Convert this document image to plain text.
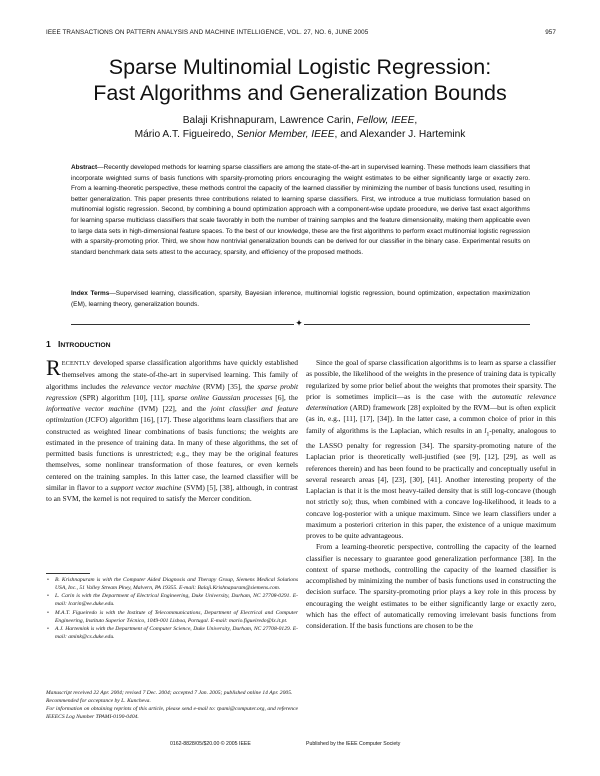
IEEE TRANSACTIONS ON PATTERN ANALYSIS AND MACHINE INTELLIGENCE, VOL. 27, NO. 6, JUNE 2005	957
Sparse Multinomial Logistic Regression:
Fast Algorithms and Generalization Bounds
Balaji Krishnapuram, Lawrence Carin, Fellow, IEEE,
Mário A.T. Figueiredo, Senior Member, IEEE, and Alexander J. Hartemink
Abstract—Recently developed methods for learning sparse classifiers are among the state-of-the-art in supervised learning. These methods learn classifiers that incorporate weighted sums of basis functions with sparsity-promoting priors encouraging the weight estimates to be either significantly large or exactly zero. From a learning-theoretic perspective, these methods control the capacity of the learned classifier by minimizing the number of basis functions used, resulting in better generalization. This paper presents three contributions related to learning sparse classifiers. First, we introduce a true multiclass formulation based on multinomial logistic regression. Second, by combining a bound optimization approach with a component-wise update procedure, we derive fast exact algorithms for learning sparse multiclass classifiers that scale favorably in both the number of training samples and the feature dimensionality, making them applicable even to large data sets in high-dimensional feature spaces. To the best of our knowledge, these are the first algorithms to perform exact multinomial logistic regression with a sparsity-promoting prior. Third, we show how nontrivial generalization bounds can be derived for our classifier in the binary case. Experimental results on standard benchmark data sets attest to the accuracy, sparsity, and efficiency of the proposed methods.
Index Terms—Supervised learning, classification, sparsity, Bayesian inference, multinomial logistic regression, bound optimization, expectation maximization (EM), learning theory, generalization bounds.
✦
1 INTRODUCTION

RECENTLY developed sparse classification algorithms have quickly established themselves among the state-of-the-art in supervised learning. This family of algorithms includes the relevance vector machine (RVM) [35], the sparse probit regression (SPR) algorithm [10], [11], sparse online Gaussian processes [6], the informative vector machine (IVM) [22], and the joint classifier and feature optimization (JCFO) algorithm [16], [17]. These algorithms learn classifiers that are constructed as weighted linear combinations of basis functions; the weights are estimated in the presence of training data. In many of these algorithms, the set of permitted basis functions is unrestricted; e.g., they may be the original features themselves, some nonlinear transformation of those features, or even kernels centered on the training samples. In this latter case, the learned classifier will be similar in flavor to a support vector machine (SVM) [5], [38], although, in contrast to an SVM, the kernel is not required to satisfy the Mercer condition.

• B. Krishnapuram is with the Computer Aided Diagnosis and Therapy Group, Siemens Medical Solutions USA, Inc., 51 Valley Stream Pkwy, Malvern, PA 19355. E-mail: Balaji.Krishnapuram@siemens.com.
• L. Carin is with the Department of Electrical Engineering, Duke University, Durham, NC 27708-0291. E-mail: lcarin@ee.duke.edu.
• M.A.T. Figueiredo is with the Institute of Telecommunications, Department of Electrical and Computer Engineering, Instituto Superior Técnico, 1049-001 Lisboa, Portugal. E-mail: mario.figueiredo@lx.it.pt.
• A.J. Hartemink is with the Department of Computer Science, Duke University, Durham, NC 27708-0129. E-mail: amink@cs.duke.edu.
Manuscript received 22 Apr. 2004; revised 7 Dec. 2004; accepted 7 Jan. 2005; published online 14 Apr. 2005.
Recommended for acceptance by L. Kuncheva.
For information on obtaining reprints of this article, please send e-mail to: tpami@computer.org, and reference IEEECS Log Number TPAMI-0190-0404.

Since the goal of sparse classification algorithms is to learn as sparse a classifier as possible, the likelihood of the weights in the presence of training data is typically regularized by some prior belief about the weights that promotes their sparsity. The prior is sometimes implicit—as is the case with the automatic relevance determination (ARD) framework [28] exploited by the RVM—but is often explicit (as in, e.g., [11], [17], [34]). In the latter case, a common choice of prior in this family of algorithms is the Laplacian, which results in an $l_1$-penalty, analogous to the LASSO penalty for regression [34]. The sparsity-promoting nature of the Laplacian prior is theoretically well-justified (see [9], [12], [29], as well as references therein) and has been found to be practically and conceptually useful in several research areas [4], [23], [30], [41]. Another interesting property of the Laplacian is that it is the most heavy-tailed density that is still log-concave (though not strictly so); thus, when combined with a concave log-likelihood, it leads to a concave log-posterior with a unique maximum. Since we learn classifiers under a maximum a posteriori criterion in this paper, the existence of a unique maximum proves to be quite advantageous.

From a learning-theoretic perspective, controlling the capacity of the learned classifier is necessary to guarantee good generalization performance [38]. In the context of sparse methods, controlling the capacity of the learned classifier is accomplished by minimizing the number of basis functions used in constructing the decision surface. The sparsity-promoting prior plays a key role in this process by encouraging the weight estimates to be either significantly large or exactly zero, which has the effect of automatically removing irrelevant basis functions from consideration. If the basis functions are chosen to be the

0162-8828/05/$20.00 © 2005 IEEE	Published by the IEEE Computer Society
